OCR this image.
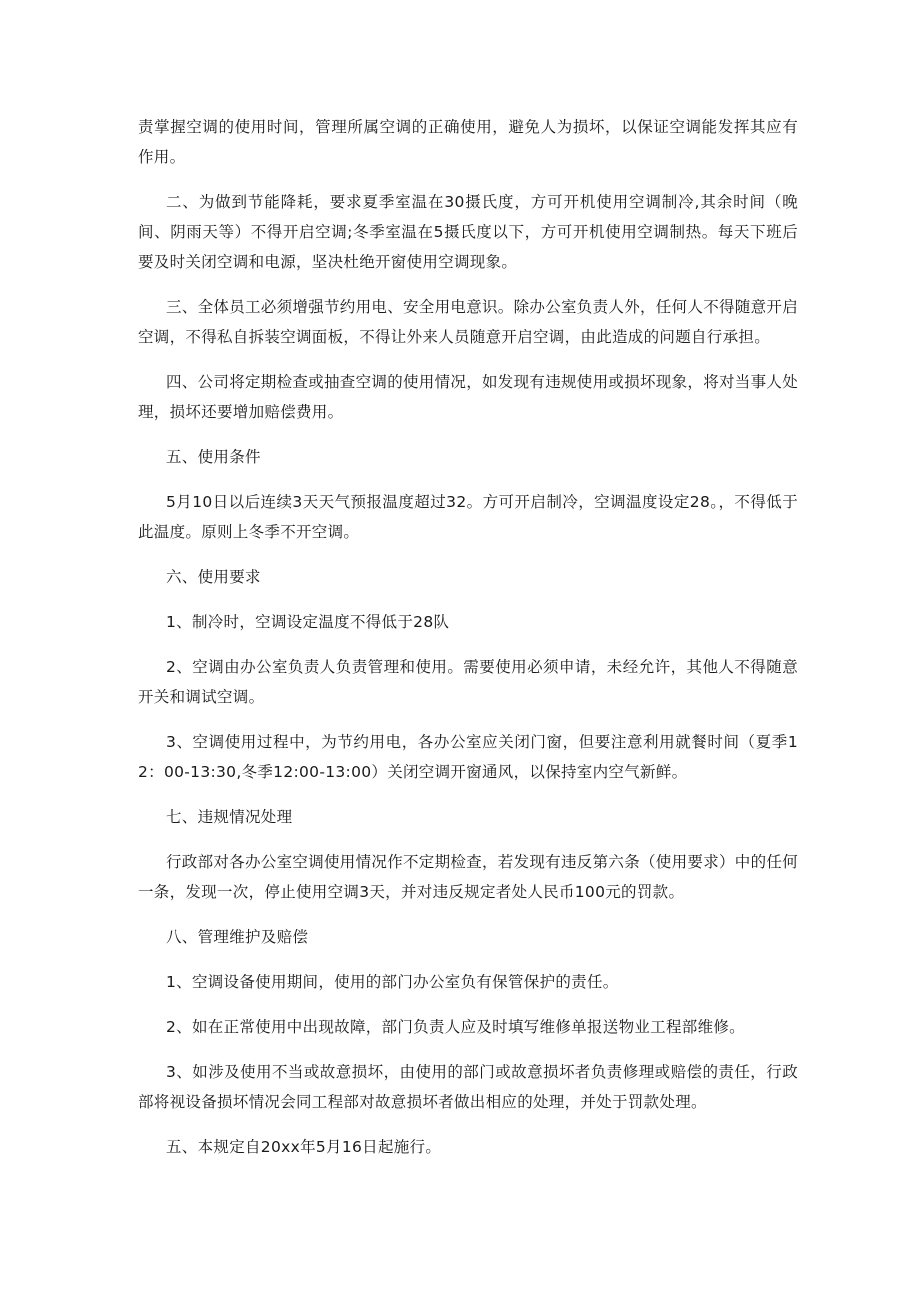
责掌握空调的使用时间，管理所属空调的正确使用，避免人为损坏，以保证空调能发挥其应有作用。

二、为做到节能降耗，要求夏季室温在30摄氏度，方可开机使用空调制冷,其余时间（晚间、阴雨天等）不得开启空调;冬季室温在5摄氏度以下，方可开机使用空调制热。每天下班后要及时关闭空调和电源，坚决杜绝开窗使用空调现象。

三、全体员工必须增强节约用电、安全用电意识。除办公室负责人外，任何人不得随意开启空调，不得私自拆装空调面板，不得让外来人员随意开启空调，由此造成的问题自行承担。

四、公司将定期检查或抽查空调的使用情况，如发现有违规使用或损坏现象，将对当事人处理，损坏还要增加赔偿费用。

五、使用条件

5月10日以后连续3天天气预报温度超过32。方可开启制冷，空调温度设定28。，不得低于此温度。原则上冬季不开空调。

六、使用要求

1、制冷时，空调设定温度不得低于28队

2、空调由办公室负责人负责管理和使用。需要使用必须申请，未经允许，其他人不得随意开关和调试空调。

3、空调使用过程中，为节约用电，各办公室应关闭门窗，但要注意利用就餐时间（夏季12：00-13:30,冬季12:00-13:00）关闭空调开窗通风，以保持室内空气新鲜。

七、违规情况处理

行政部对各办公室空调使用情况作不定期检查，若发现有违反第六条（使用要求）中的任何一条，发现一次，停止使用空调3天，并对违反规定者处人民币100元的罚款。

八、管理维护及赔偿

1、空调设备使用期间，使用的部门办公室负有保管保护的责任。

2、如在正常使用中出现故障，部门负责人应及时填写维修单报送物业工程部维修。

3、如涉及使用不当或故意损坏，由使用的部门或故意损坏者负责修理或赔偿的责任，行政部将视设备损坏情况会同工程部对故意损坏者做出相应的处理，并处于罚款处理。

五、本规定自20xx年5月16日起施行。
